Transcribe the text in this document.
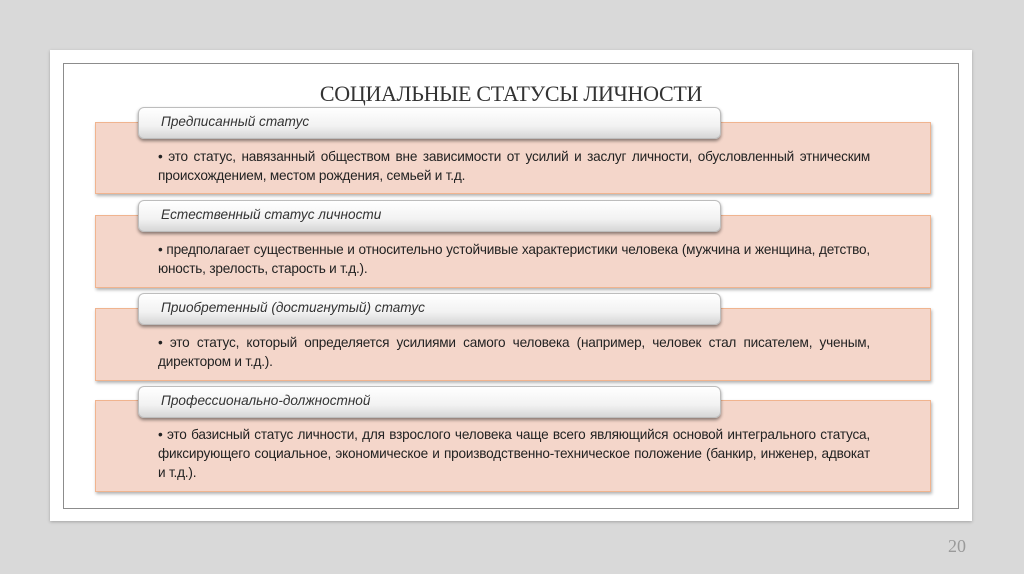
СОЦИАЛЬНЫЕ СТАТУСЫ ЛИЧНОСТИ

• это статус, навязанный обществом вне зависимости от усилий и заслуг личности, обусловленный этническим происхождением, местом рождения, семьей и т.д.

Предписанный статус

• предполагает существенные и относительно устойчивые характеристики человека (мужчина и женщина, детство, юность, зрелость, старость и т.д.).

Естественный статус личности

• это статус, который определяется усилиями самого человека (например, человек стал писателем, ученым, директором и т.д.).

Приобретенный (достигнутый) статус

• это базисный статус личности, для взрослого человека чаще всего являющийся основой интегрального статуса, фиксирующего социальное, экономическое и производственно-техническое положение (банкир, инженер, адвокат и т.д.).

Профессионально-должностной
20
